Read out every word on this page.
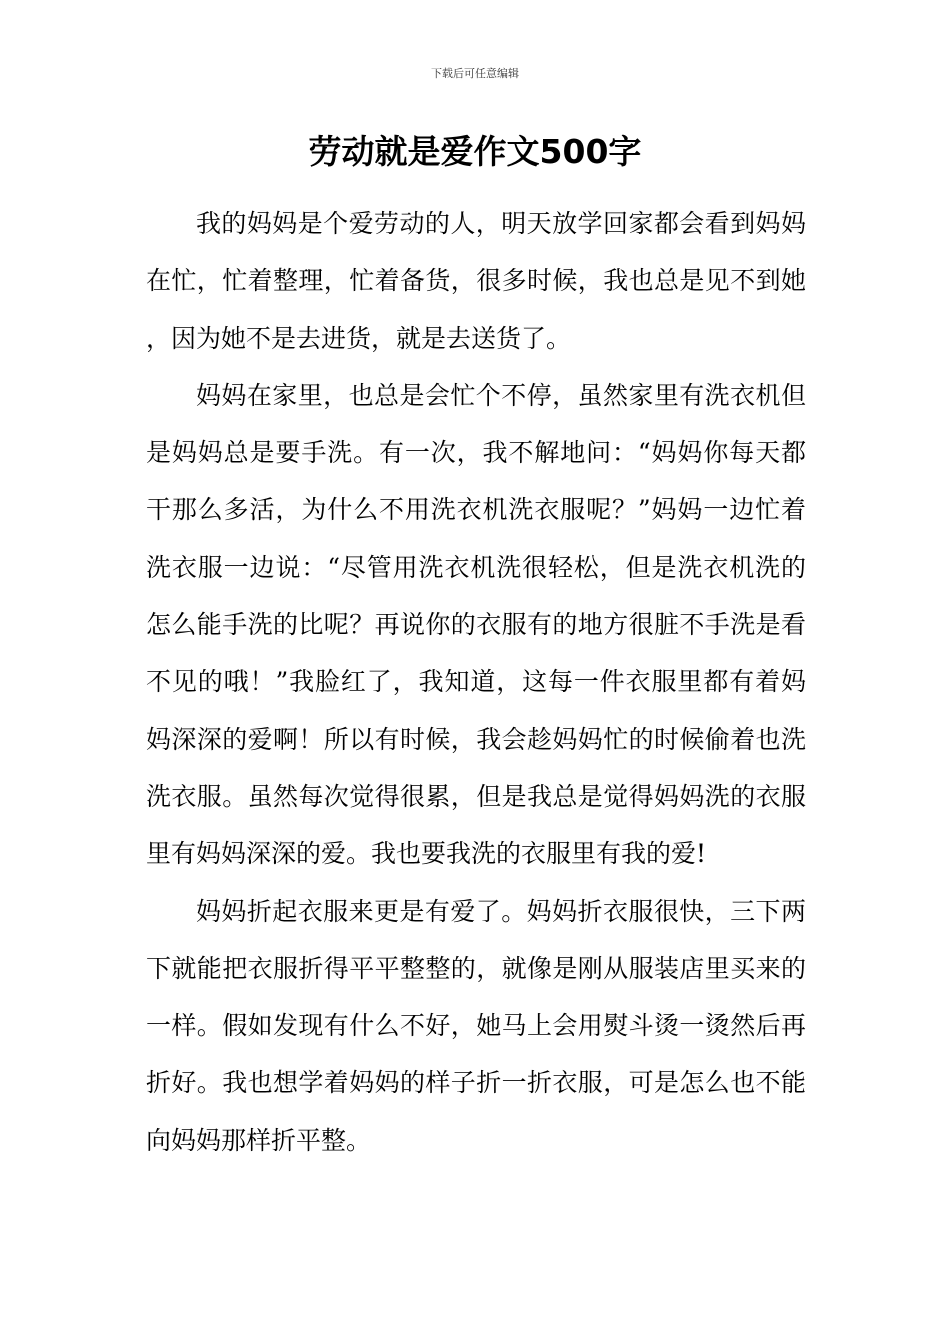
下载后可任意编辑
劳动就是爱作文500字

我的妈妈是个爱劳动的人，明天放学回家都会看到妈妈在忙，忙着整理，忙着备货，很多时候，我也总是见不到她，因为她不是去进货，就是去送货了。

妈妈在家里，也总是会忙个不停，虽然家里有洗衣机但是妈妈总是要手洗。有一次，我不解地问：“妈妈你每天都干那么多活，为什么不用洗衣机洗衣服呢？”妈妈一边忙着洗衣服一边说：“尽管用洗衣机洗很轻松，但是洗衣机洗的怎么能手洗的比呢？再说你的衣服有的地方很脏不手洗是看不见的哦！”我脸红了，我知道，这每一件衣服里都有着妈妈深深的爱啊！所以有时候，我会趁妈妈忙的时候偷着也洗洗衣服。虽然每次觉得很累，但是我总是觉得妈妈洗的衣服里有妈妈深深的爱。我也要我洗的衣服里有我的爱!

妈妈折起衣服来更是有爱了。妈妈折衣服很快，三下两下就能把衣服折得平平整整的，就像是刚从服装店里买来的一样。假如发现有什么不好，她马上会用熨斗烫一烫然后再折好。我也想学着妈妈的样子折一折衣服，可是怎么也不能向妈妈那样折平整。
